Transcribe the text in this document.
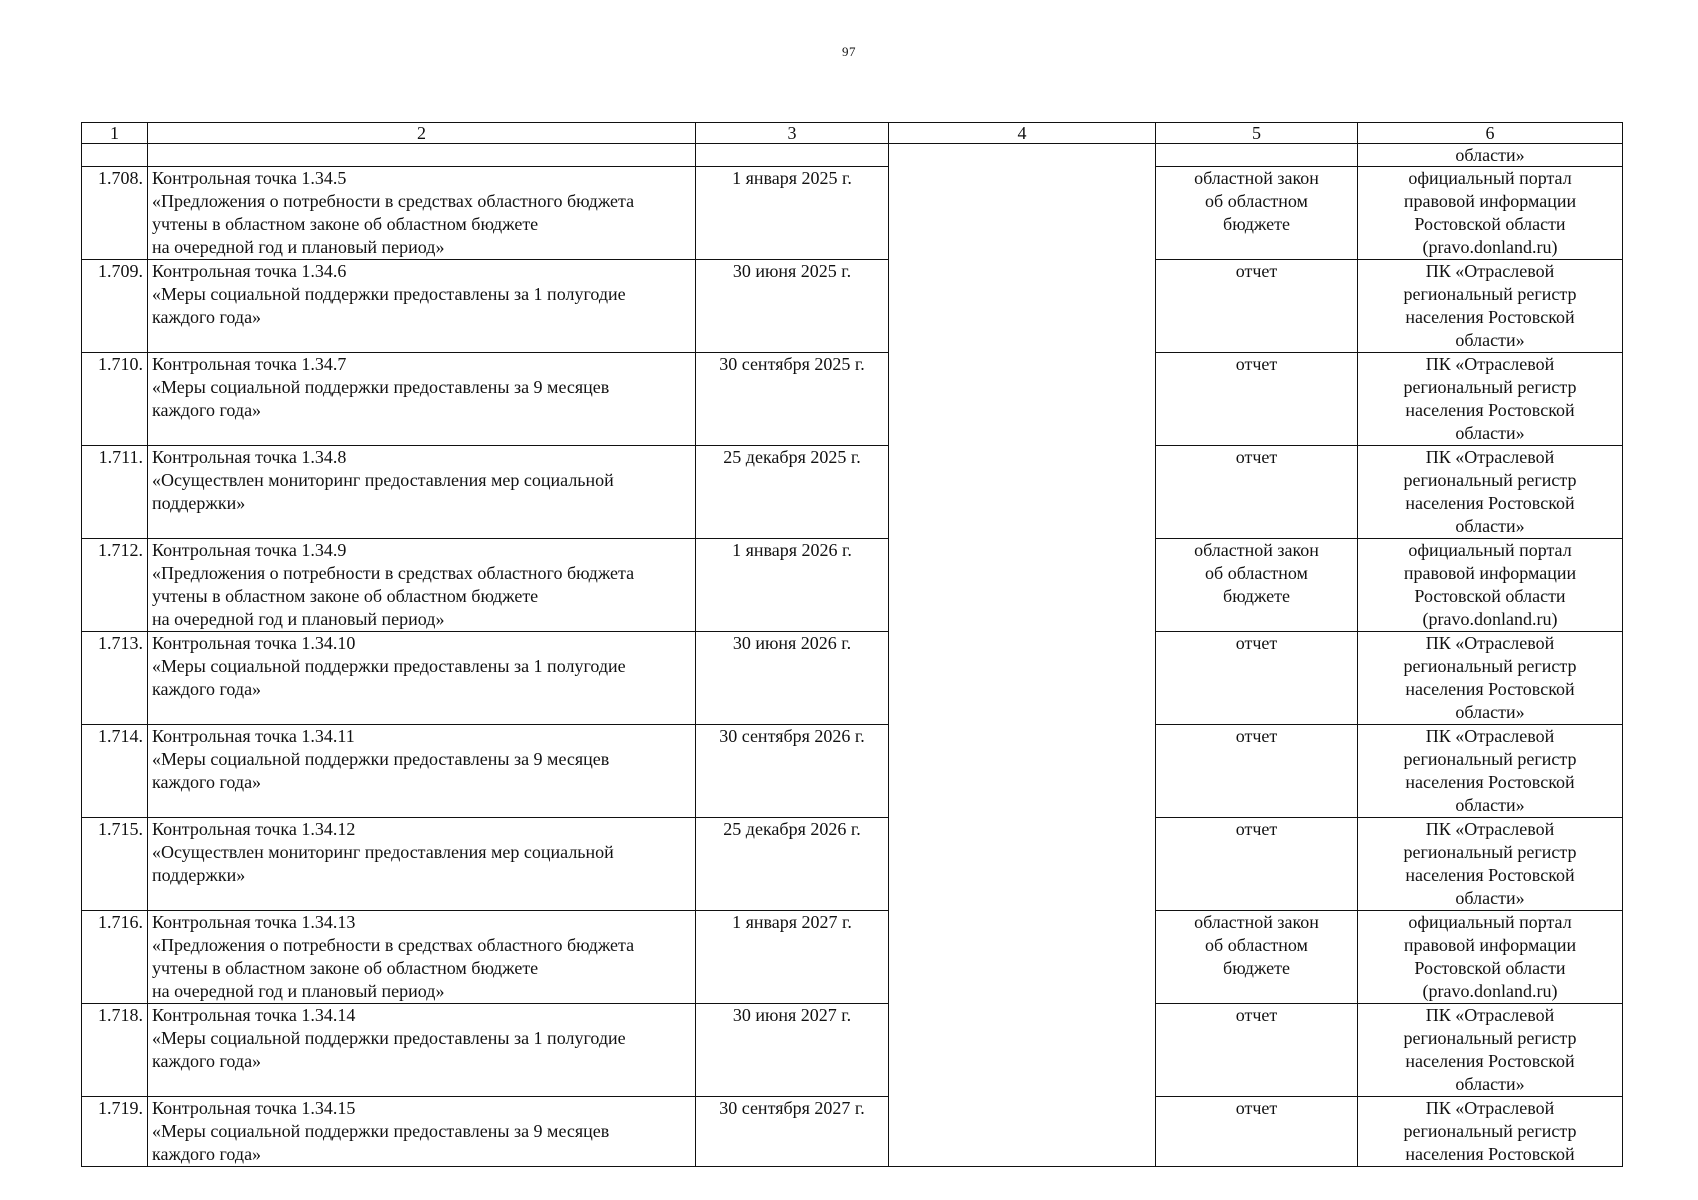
97
1	2	3	4	5	6
					области»
1.708.	Контрольная точка 1.34.5
«Предложения о потребности в средствах областного бюджета
учтены в областном законе об областном бюджете
на очередной год и плановый период»	1 января 2025 г.		областной закон
об областном
бюджете	официальный портал
правовой информации
Ростовской области
(pravo.donland.ru)

1.709.	Контрольная точка 1.34.6
«Меры социальной поддержки предоставлены за 1 полугодие
каждого года»	30 июня 2025 г.		отчет	ПК «Отраслевой
региональный регистр
населения Ростовской
области»

1.710.	Контрольная точка 1.34.7
«Меры социальной поддержки предоставлены за 9 месяцев
каждого года»	30 сентября 2025 г.		отчет	ПК «Отраслевой
региональный регистр
населения Ростовской
области»

1.711.	Контрольная точка 1.34.8
«Осуществлен мониторинг предоставления мер социальной
поддержки»	25 декабря 2025 г.		отчет	ПК «Отраслевой
региональный регистр
населения Ростовской
области»

1.712.	Контрольная точка 1.34.9
«Предложения о потребности в средствах областного бюджета
учтены в областном законе об областном бюджете
на очередной год и плановый период»	1 января 2026 г.		областной закон
об областном
бюджете	официальный портал
правовой информации
Ростовской области
(pravo.donland.ru)

1.713.	Контрольная точка 1.34.10
«Меры социальной поддержки предоставлены за 1 полугодие
каждого года»	30 июня 2026 г.		отчет	ПК «Отраслевой
региональный регистр
населения Ростовской
области»

1.714.	Контрольная точка 1.34.11
«Меры социальной поддержки предоставлены за 9 месяцев
каждого года»	30 сентября 2026 г.		отчет	ПК «Отраслевой
региональный регистр
населения Ростовской
области»

1.715.	Контрольная точка 1.34.12
«Осуществлен мониторинг предоставления мер социальной
поддержки»	25 декабря 2026 г.		отчет	ПК «Отраслевой
региональный регистр
населения Ростовской
области»

1.716.	Контрольная точка 1.34.13
«Предложения о потребности в средствах областного бюджета
учтены в областном законе об областном бюджете
на очередной год и плановый период»	1 января 2027 г.		областной закон
об областном
бюджете	официальный портал
правовой информации
Ростовской области
(pravo.donland.ru)

1.718.	Контрольная точка 1.34.14
«Меры социальной поддержки предоставлены за 1 полугодие
каждого года»	30 июня 2027 г.		отчет	ПК «Отраслевой
региональный регистр
населения Ростовской
области»

1.719.	Контрольная точка 1.34.15
«Меры социальной поддержки предоставлены за 9 месяцев
каждого года»	30 сентября 2027 г.		отчет	ПК «Отраслевой
региональный регистр
населения Ростовской
